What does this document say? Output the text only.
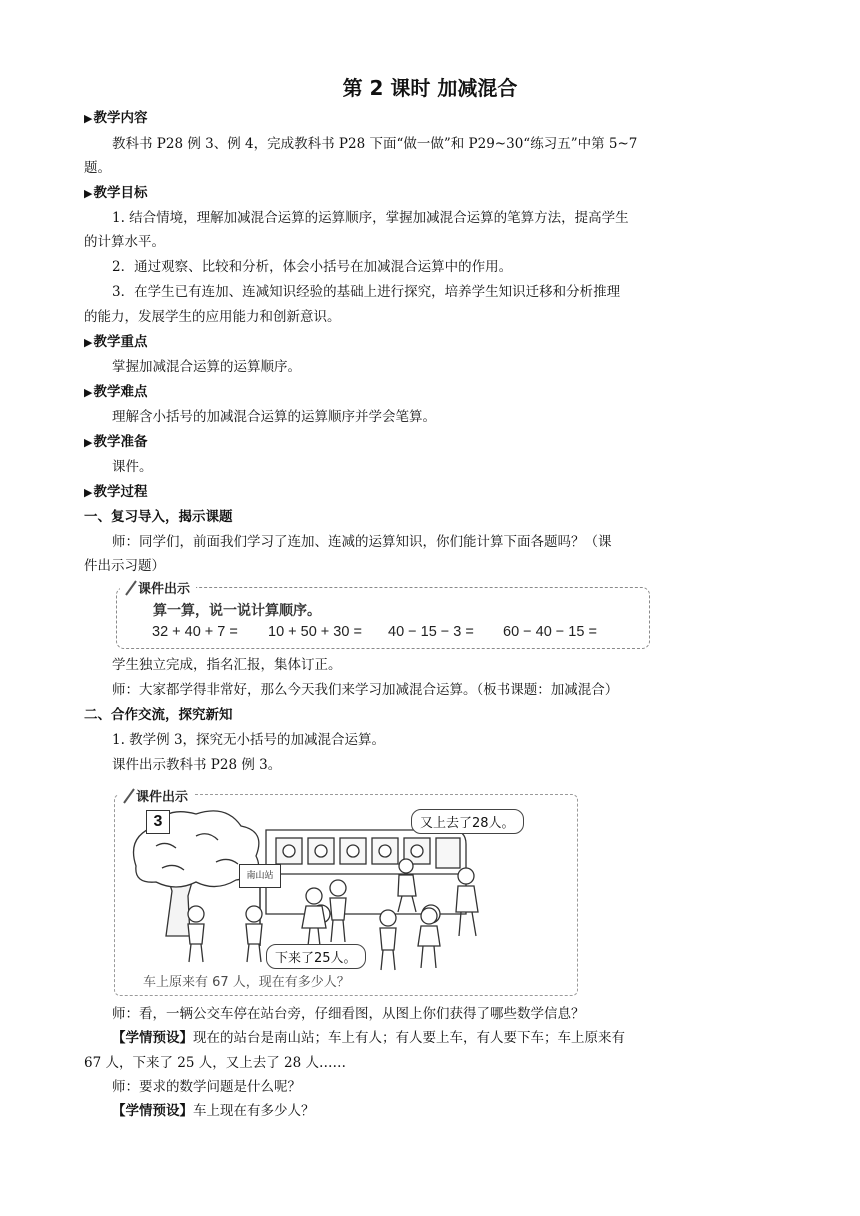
第 2 课时 加减混合
▶教学内容
教科书 P28 例 3、例 4，完成教科书 P28 下面“做一做”和 P29~30“练习五”中第 5~7
题。
▶教学目标
1. 结合情境，理解加减混合运算的运算顺序，掌握加减混合运算的笔算方法，提高学生
的计算水平。
2．通过观察、比较和分析，体会小括号在加减混合运算中的作用。
3．在学生已有连加、连减知识经验的基础上进行探究，培养学生知识迁移和分析推理
的能力，发展学生的应用能力和创新意识。
▶教学重点
掌握加减混合运算的运算顺序。
▶教学难点
理解含小括号的加减混合运算的运算顺序并学会笔算。
▶教学准备
课件。
▶教学过程
一、复习导入，揭示课题
师：同学们，前面我们学习了连加、连减的运算知识，你们能计算下面各题吗？（课
件出示习题）
课件出示
算一算，说一说计算顺序。
32 + 40 + 7 = 10 + 50 + 30 = 40 − 15 − 3 = 60 − 40 − 15 =
学生独立完成，指名汇报，集体订正。
师：大家都学得非常好，那么今天我们来学习加减混合运算。（板书课题：加减混合）
二、合作交流，探究新知
1. 教学例 3，探究无小括号的加减混合运算。
课件出示教科书 P28 例 3。
课件出示
3
南山站
又上去了28人。
下来了25人。
车上原来有 67 人，现在有多少人？
师：看，一辆公交车停在站台旁，仔细看图，从图上你们获得了哪些数学信息？
【学情预设】现在的站台是南山站；车上有人；有人要上车，有人要下车；车上原来有
67 人，下来了 25 人，又上去了 28 人……
师：要求的数学问题是什么呢？
【学情预设】车上现在有多少人？
